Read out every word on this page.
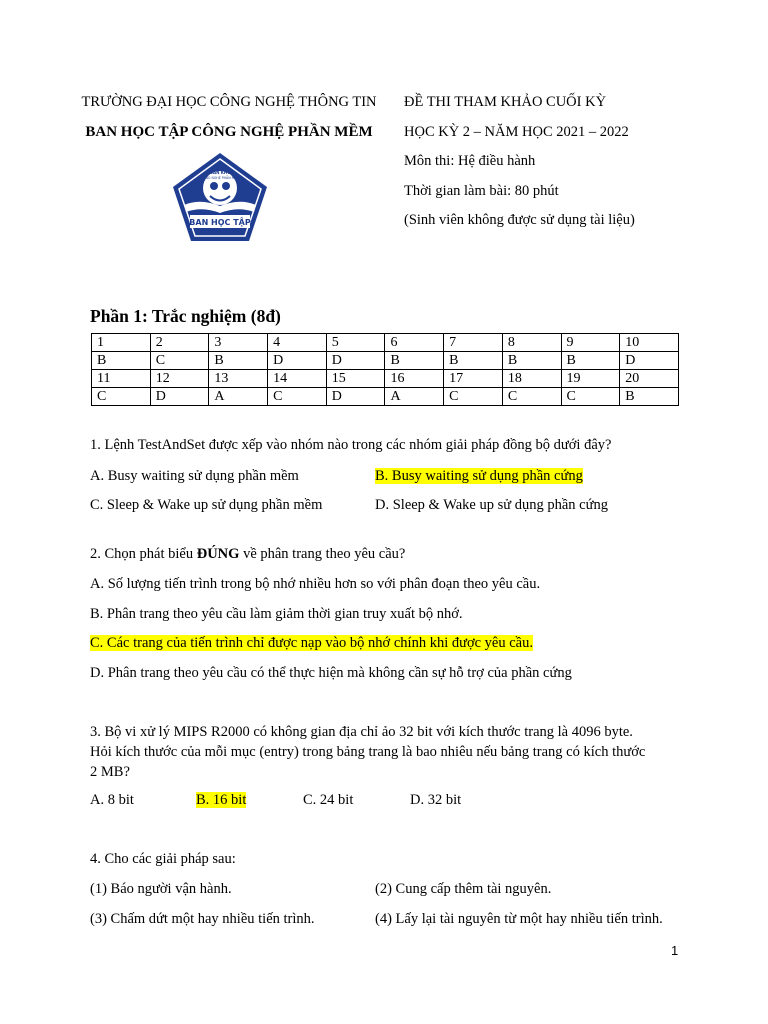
TRƯỜNG ĐẠI HỌC CÔNG NGHỆ THÔNG TIN
BAN HỌC TẬP CÔNG NGHỆ PHẦN MỀM
ĐOÀN KHOA
CÔNG NGHỆ PHẦN MỀM
BAN HỌC TẬP
ĐỀ THI THAM KHẢO CUỐI KỲ
HỌC KỲ 2 – NĂM HỌC 2021 – 2022
Môn thi: Hệ điều hành
Thời gian làm bài: 80 phút
(Sinh viên không được sử dụng tài liệu)
Phần 1: Trắc nghiệm (8đ)
1	2	3	4	5	6	7	8	9	10
B	C	B	D	D	B	B	B	B	D
11	12	13	14	15	16	17	18	19	20
C	D	A	C	D	A	C	C	C	B
1. Lệnh TestAndSet được xếp vào nhóm nào trong các nhóm giải pháp đồng bộ dưới đây?
A. Busy waiting sử dụng phần mềm	B. Busy waiting sử dụng phần cứng
C. Sleep & Wake up sử dụng phần mềm	D. Sleep & Wake up sử dụng phần cứng
2. Chọn phát biểu ĐÚNG về phân trang theo yêu cầu?
A. Số lượng tiến trình trong bộ nhớ nhiều hơn so với phân đoạn theo yêu cầu.
B. Phân trang theo yêu cầu làm giảm thời gian truy xuất bộ nhớ.
C. Các trang của tiến trình chỉ được nạp vào bộ nhớ chính khi được yêu cầu.
D. Phân trang theo yêu cầu có thể thực hiện mà không cần sự hỗ trợ của phần cứng
3. Bộ vi xử lý MIPS R2000 có không gian địa chỉ ảo 32 bit với kích thước trang là 4096 byte.
Hỏi kích thước của mỗi mục (entry) trong bảng trang là bao nhiêu nếu bảng trang có kích thước
2 MB?
A. 8 bit	B. 16 bit	C. 24 bit	D. 32 bit
4. Cho các giải pháp sau:
(1) Báo người vận hành.	(2) Cung cấp thêm tài nguyên.
(3) Chấm dứt một hay nhiều tiến trình.	(4) Lấy lại tài nguyên từ một hay nhiều tiến trình.
1
